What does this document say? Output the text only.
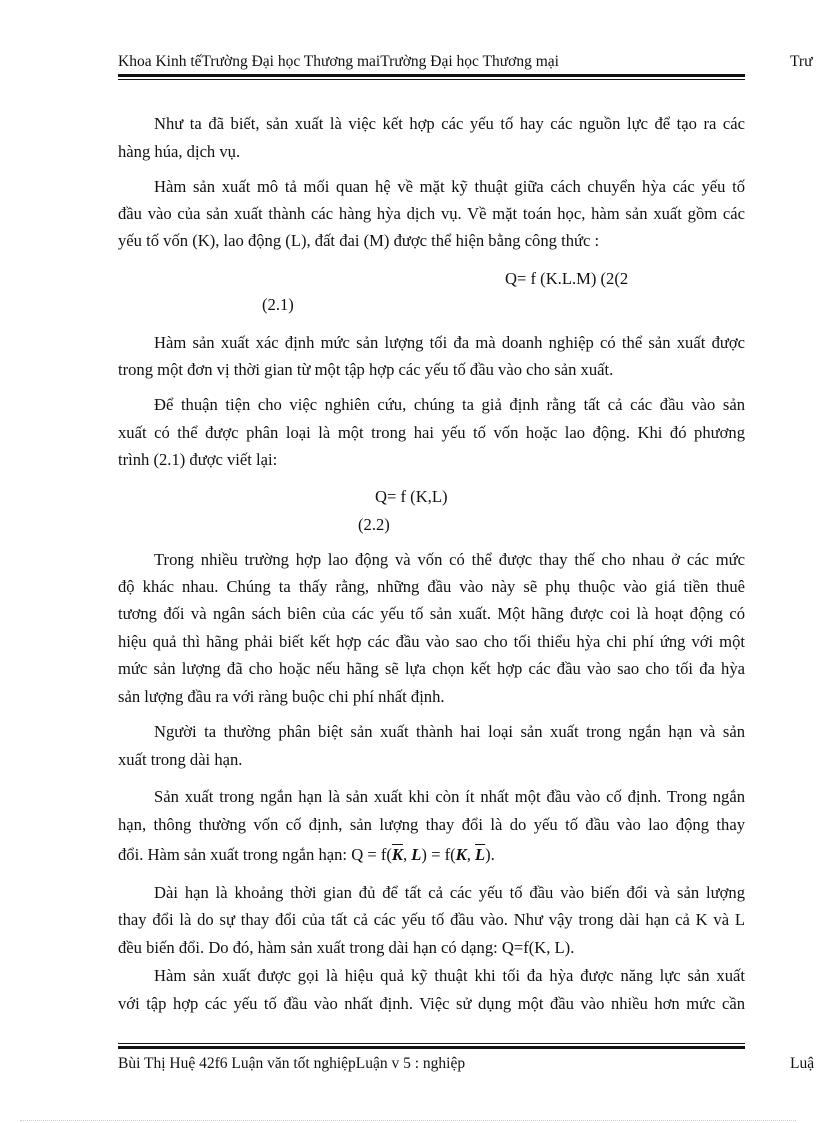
Khoa Kinh tếTrường Đại học Thương maiTrường Đại học Thương mại	Trư
Như ta đã biết, sản xuất là việc kết hợp các yếu tố hay các nguồn lực để tạo ra các
hàng húa, dịch vụ.
Hàm sản xuất mô tả mối quan hệ về mặt kỹ thuật giữa cách chuyển hỳa các yếu tố
đầu vào của sản xuất thành các hàng hỳa dịch vụ. Về mặt toán học, hàm sản xuất gồm các
yếu tố vốn (K), lao động (L), đất đai (M) được thể hiện bằng công thức :
Q= f (K.L.M) (2(2
(2.1)
Hàm sản xuất xác định mức sản lượng tối đa mà doanh nghiệp có thể sản xuất được
trong một đơn vị thời gian từ một tập hợp các yếu tố đầu vào cho sản xuất.
Để thuận tiện cho việc nghiên cứu, chúng ta giả định rằng tất cả các đầu vào sản
xuất có thể được phân loại là một trong hai yếu tố vốn hoặc lao động. Khi đó phương
trình (2.1) được viết lại:
Q= f (K,L)
(2.2)
Trong nhiều trường hợp lao động và vốn có thể được thay thế cho nhau ở các mức
độ khác nhau. Chúng ta thấy rằng, những đầu vào này sẽ phụ thuộc vào giá tiền thuê
tương đối và ngân sách biên của các yếu tố sản xuất. Một hãng được coi là hoạt động có
hiệu quả thì hãng phải biết kết hợp các đầu vào sao cho tối thiểu hỳa chi phí ứng với một
mức sản lượng đã cho hoặc nếu hãng sẽ lựa chọn kết hợp các đầu vào sao cho tối đa hỳa
sản lượng đầu ra với ràng buộc chi phí nhất định.
Người ta thường phân biệt sản xuất thành hai loại sản xuất trong ngắn hạn và sản
xuất trong dài hạn.
Sản xuất trong ngắn hạn là sản xuất khi còn ít nhất một đầu vào cố định. Trong ngắn
hạn, thông thường vốn cố định, sản lượng thay đổi là do yếu tố đầu vào lao động thay
đổi. Hàm sản xuất trong ngắn hạn: $Q = f(\overline{K}$, L) = f(K, $\overline{L}$).
Dài hạn là khoảng thời gian đủ để tất cả các yếu tố đầu vào biến đổi và sản lượng
thay đổi là do sự thay đổi của tất cả các yếu tố đầu vào. Như vậy trong dài hạn cả K và L
đều biến đổi. Do đó, hàm sản xuất trong dài hạn có dạng: Q=f(K, L).
Hàm sản xuất được gọi là hiệu quả kỹ thuật khi tối đa hỳa được năng lực sản xuất
với tập hợp các yếu tố đầu vào nhất định. Việc sử dụng một đầu vào nhiều hơn mức cần
Bùi Thị Huệ 42f6 Luận văn tốt nghiệpLuận v 5 : nghiệp	Luậ
